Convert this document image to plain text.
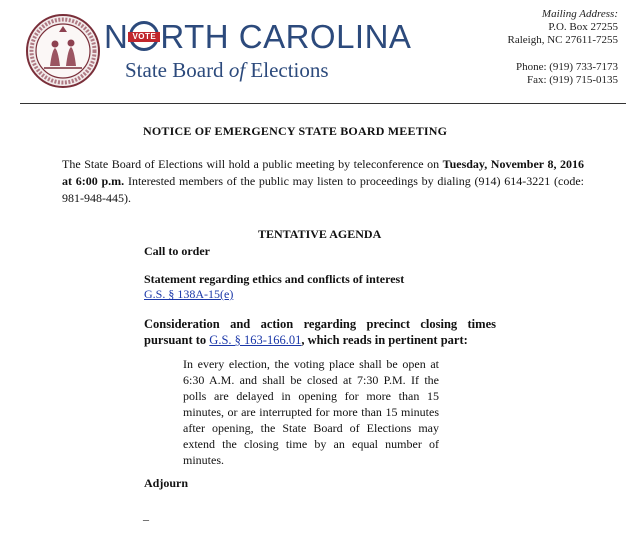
N VOTE RTH CAROLINA
State Board of Elections
Mailing Address:
P.O. Box 27255
Raleigh, NC 27611-7255
Phone: (919) 733-7173
Fax: (919) 715-0135
NOTICE OF EMERGENCY STATE BOARD MEETING
The State Board of Elections will hold a public meeting by teleconference on Tuesday, November 8, 2016 at 6:00 p.m. Interested members of the public may listen to proceedings by dialing (914) 614-3221 (code: 981-948-445).
TENTATIVE AGENDA
Call to order
Statement regarding ethics and conflicts of interest
G.S. § 138A-15(e)
Consideration and action regarding precinct closing times pursuant to G.S. § 163-166.01, which reads in pertinent part:
In every election, the voting place shall be open at 6:30 A.M. and shall be closed at 7:30 P.M. If the polls are delayed in opening for more than 15 minutes, or are interrupted for more than 15 minutes after opening, the State Board of Elections may extend the closing time by an equal number of minutes.
Adjourn
_
